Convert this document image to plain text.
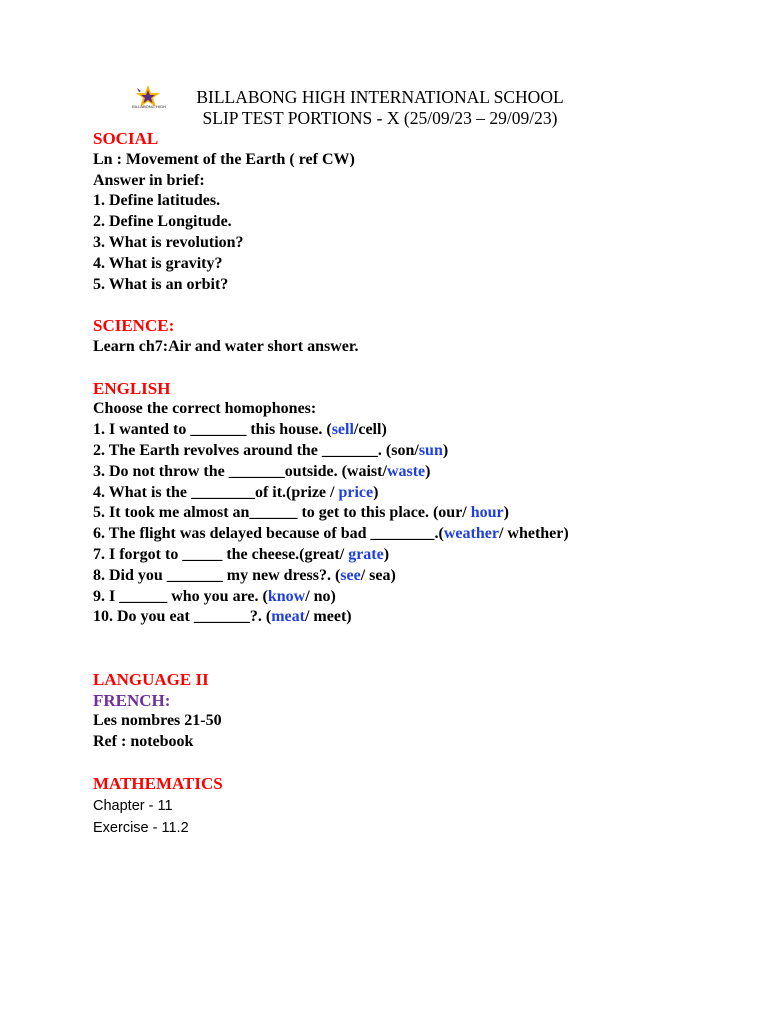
BILLABONG HIGH	BILLABONG HIGH INTERNATIONAL SCHOOL
SLIP TEST PORTIONS - X (25/09/23 – 29/09/23)
SOCIAL
Ln : Movement of the Earth ( ref CW)
Answer in brief:
1. Define latitudes.
2. Define Longitude.
3. What is revolution?
4. What is gravity?
5. What is an orbit?
SCIENCE:
Learn ch7:Air and water short answer.
ENGLISH
Choose the correct homophones:
1. I wanted to _______ this house. (sell/cell)
2. The Earth revolves around the _______. (son/sun)
3. Do not throw the _______outside. (waist/waste)
4. What is the ________of it.(prize / price)
5. It took me almost an______ to get to this place. (our/ hour)
6. The flight was delayed because of bad ________.(weather/ whether)
7. I forgot to _____ the cheese.(great/ grate)
8. Did you _______ my new dress?. (see/ sea)
9. I ______ who you are. (know/ no)
10. Do you eat _______?. (meat/ meet)
LANGUAGE II
FRENCH:
Les nombres 21-50
Ref : notebook
MATHEMATICS
Chapter - 11
Exercise - 11.2
